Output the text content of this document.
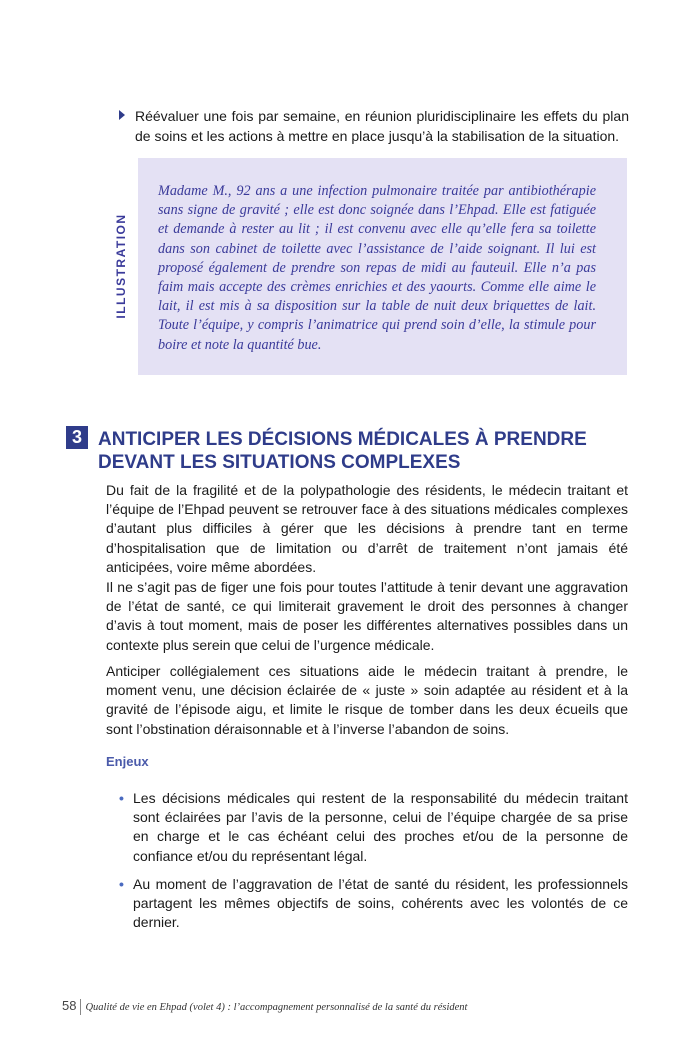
Réévaluer une fois par semaine, en réunion pluridisciplinaire les effets du plan de soins et les actions à mettre en place jusqu’à la stabilisation de la situation.
ILLUSTRATION
Madame M., 92 ans a une infection pulmonaire traitée par antibiothérapie sans signe de gravité ; elle est donc soignée dans l’Ehpad. Elle est fatiguée et demande à rester au lit ; il est convenu avec elle qu’elle fera sa toilette dans son cabinet de toilette avec l’assistance de l’aide soignant. Il lui est proposé également de prendre son repas de midi au fauteuil. Elle n’a pas faim mais accepte des crèmes enrichies et des yaourts. Comme elle aime le lait, il est mis à sa disposition sur la table de nuit deux briquettes de lait. Toute l’équipe, y compris l’animatrice qui prend soin d’elle, la stimule pour boire et note la quantité bue.
3 ANTICIPER LES DÉCISIONS MÉDICALES À PRENDRE DEVANT LES SITUATIONS COMPLEXES

Du fait de la fragilité et de la polypathologie des résidents, le médecin traitant et l’équipe de l’Ehpad peuvent se retrouver face à des situations médicales complexes d’autant plus difficiles à gérer que les décisions à prendre tant en terme d’hospitalisation que de limitation ou d’arrêt de traitement n’ont jamais été anticipées, voire même abordées.

Il ne s’agit pas de figer une fois pour toutes l’attitude à tenir devant une aggravation de l’état de santé, ce qui limiterait gravement le droit des personnes à changer d’avis à tout moment, mais de poser les différentes alternatives possibles dans un contexte plus serein que celui de l’urgence médicale.

Anticiper collégialement ces situations aide le médecin traitant à prendre, le moment venu, une décision éclairée de « juste » soin adaptée au résident et à la gravité de l’épisode aigu, et limite le risque de tomber dans les deux écueils que sont l’obstination déraisonnable et à l’inverse l’abandon de soins.

Enjeux
• Les décisions médicales qui restent de la responsabilité du médecin traitant sont éclairées par l’avis de la personne, celui de l’équipe chargée de sa prise en charge et le cas échéant celui des proches et/ou de la personne de confiance et/ou du représentant légal.
• Au moment de l’aggravation de l’état de santé du résident, les professionnels partagent les mêmes objectifs de soins, cohérents avec les volontés de ce dernier.
58 Qualité de vie en Ehpad (volet 4) : l’accompagnement personnalisé de la santé du résident
